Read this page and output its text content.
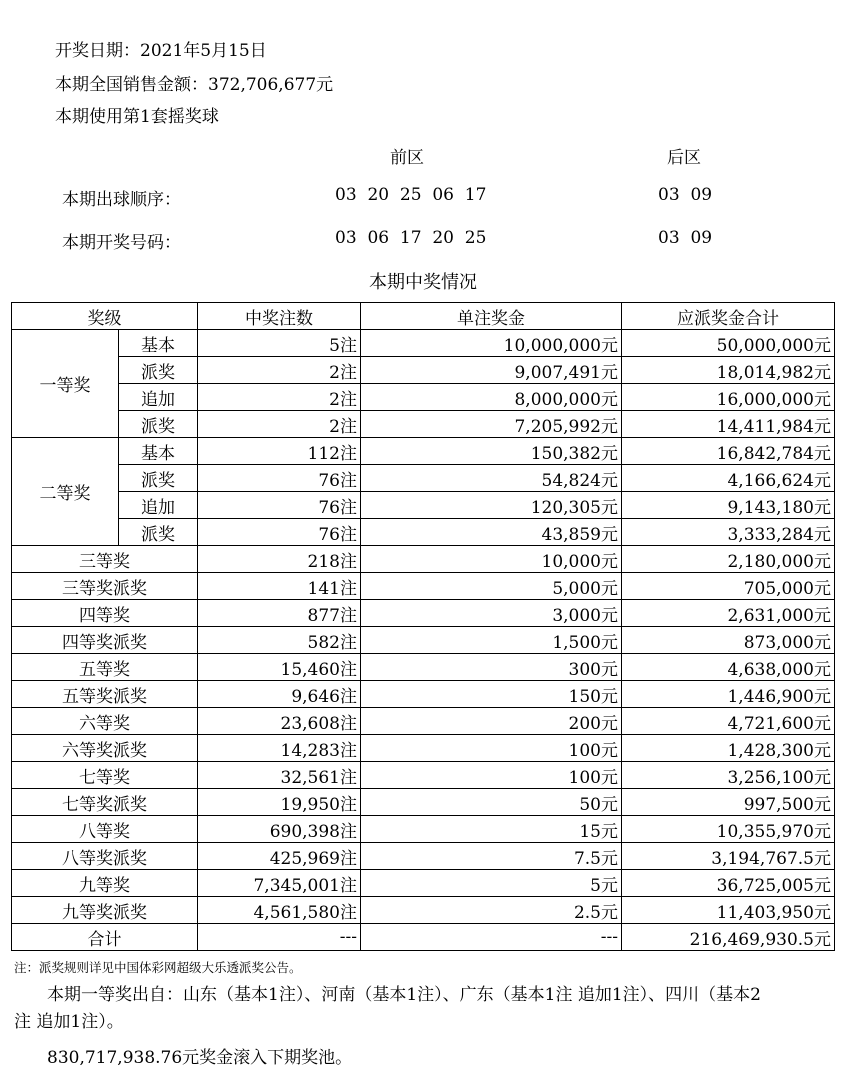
开奖日期：2021年5月15日
本期全国销售金额：372,706,677元
本期使用第1套摇奖球
前区	后区
本期出球顺序：	03  20  25  06  17	03  09
本期开奖号码：	03  06  17  20  25	03  09
本期中奖情况
奖级		中奖注数	单注奖金	应派奖金合计
一等奖	基本	5注	10,000,000元	50,000,000元
	派奖	2注	9,007,491元	18,014,982元
	追加	2注	8,000,000元	16,000,000元
	派奖	2注	7,205,992元	14,411,984元
二等奖	基本	112注	150,382元	16,842,784元
	派奖	76注	54,824元	4,166,624元
	追加	76注	120,305元	9,143,180元
	派奖	76注	43,859元	3,333,284元
三等奖		218注	10,000元	2,180,000元
三等奖派奖		141注	5,000元	705,000元
四等奖		877注	3,000元	2,631,000元
四等奖派奖		582注	1,500元	873,000元
五等奖		15,460注	300元	4,638,000元
五等奖派奖		9,646注	150元	1,446,900元
六等奖		23,608注	200元	4,721,600元
六等奖派奖		14,283注	100元	1,428,300元
七等奖		32,561注	100元	3,256,100元
七等奖派奖		19,950注	50元	997,500元
八等奖		690,398注	15元	10,355,970元
八等奖派奖		425,969注	7.5元	3,194,767.5元
九等奖		7,345,001注	5元	36,725,005元
九等奖派奖		4,561,580注	2.5元	11,403,950元
合计		---	---	216,469,930.5元
注：派奖规则详见中国体彩网超级大乐透派奖公告。
本期一等奖出自：山东（基本1注）、河南（基本1注）、广东（基本1注 追加1注）、四川（基本2
注 追加1注）。
830,717,938.76元奖金滚入下期奖池。
